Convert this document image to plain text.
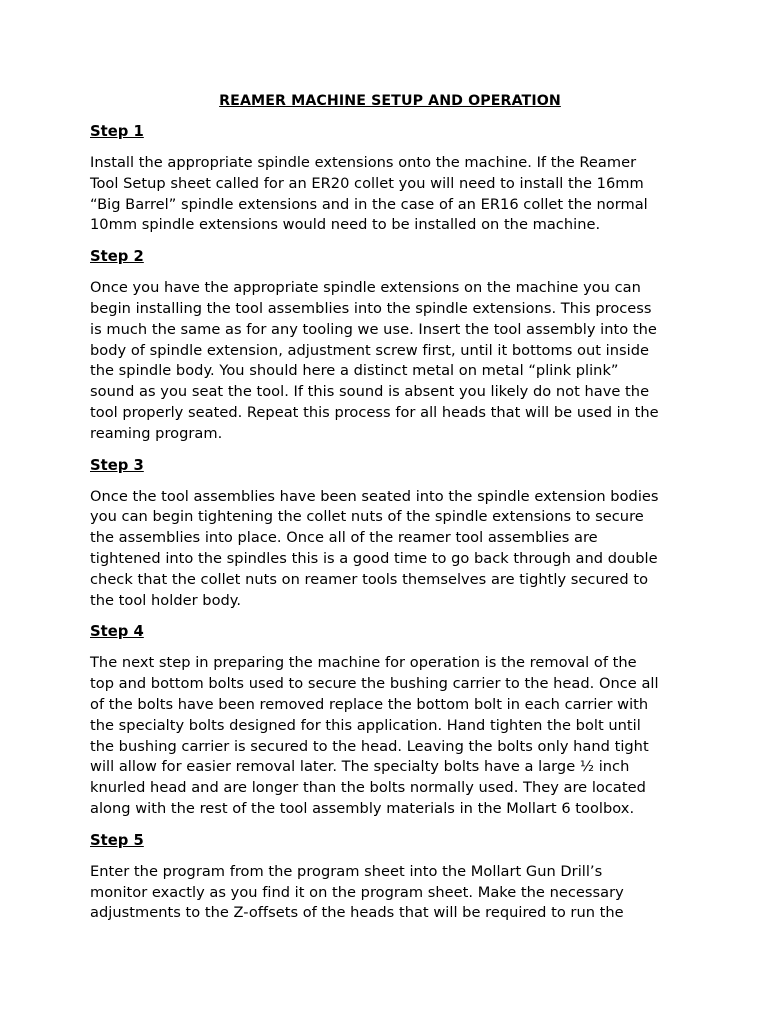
REAMER MACHINE SETUP AND OPERATION
Step 1
Install the appropriate spindle extensions onto the machine. If the Reamer
Tool Setup sheet called for an ER20 collet you will need to install the 16mm
“Big Barrel” spindle extensions and in the case of an ER16 collet the normal
10mm spindle extensions would need to be installed on the machine.
Step 2
Once you have the appropriate spindle extensions on the machine you can
begin installing the tool assemblies into the spindle extensions. This process
is much the same as for any tooling we use. Insert the tool assembly into the
body of spindle extension, adjustment screw first, until it bottoms out inside
the spindle body. You should here a distinct metal on metal “plink plink”
sound as you seat the tool. If this sound is absent you likely do not have the
tool properly seated. Repeat this process for all heads that will be used in the
reaming program.
Step 3
Once the tool assemblies have been seated into the spindle extension bodies
you can begin tightening the collet nuts of the spindle extensions to secure
the assemblies into place. Once all of the reamer tool assemblies are
tightened into the spindles this is a good time to go back through and double
check that the collet nuts on reamer tools themselves are tightly secured to
the tool holder body.
Step 4
The next step in preparing the machine for operation is the removal of the
top and bottom bolts used to secure the bushing carrier to the head. Once all
of the bolts have been removed replace the bottom bolt in each carrier with
the specialty bolts designed for this application. Hand tighten the bolt until
the bushing carrier is secured to the head. Leaving the bolts only hand tight
will allow for easier removal later. The specialty bolts have a large ½ inch
knurled head and are longer than the bolts normally used. They are located
along with the rest of the tool assembly materials in the Mollart 6 toolbox.
Step 5
Enter the program from the program sheet into the Mollart Gun Drill’s
monitor exactly as you find it on the program sheet. Make the necessary
adjustments to the Z-offsets of the heads that will be required to run the
